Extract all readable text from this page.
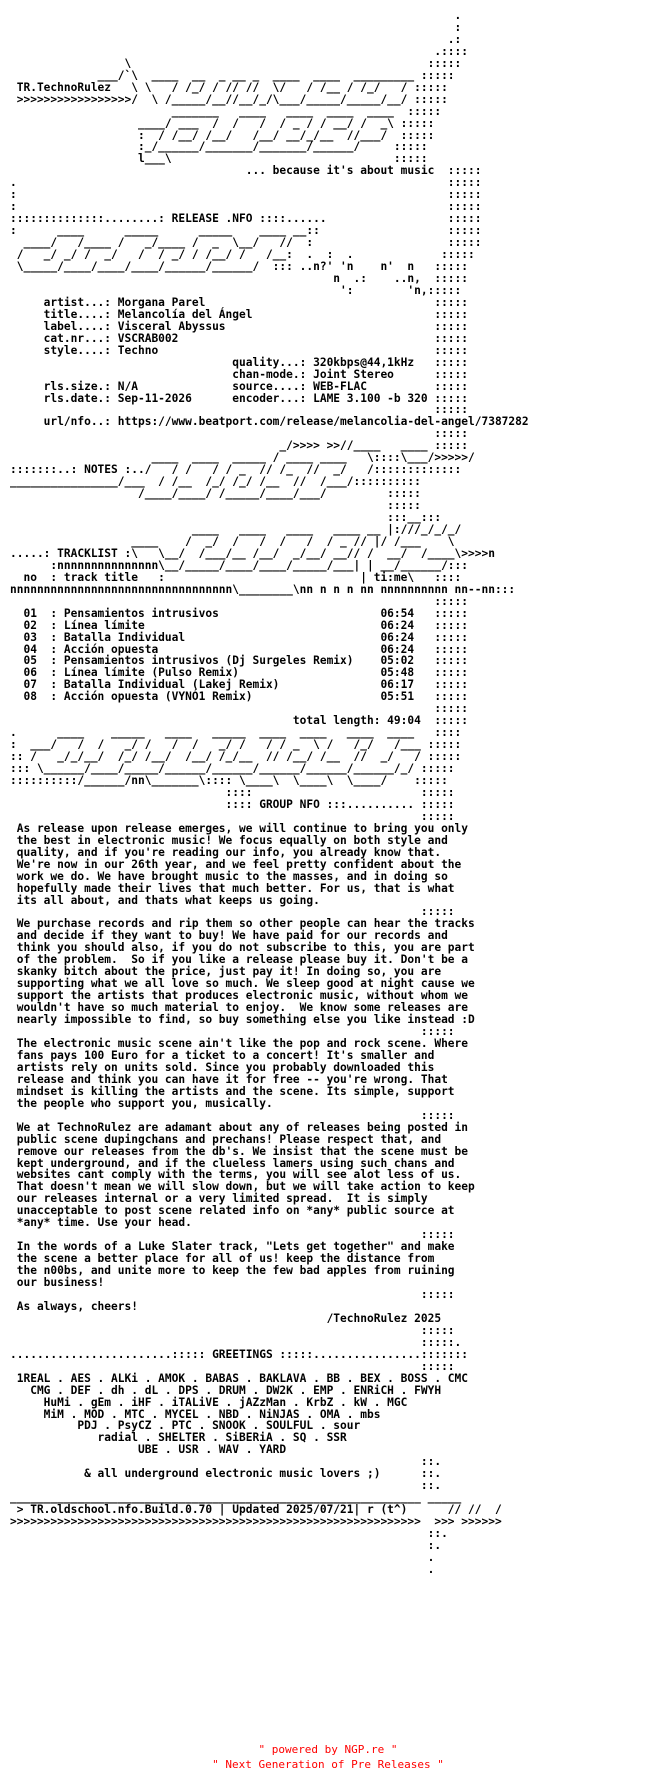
.
:
.:
.::::
\                                            :::::
___/`\  ____  __  _ __ _  ____  ____  _________ :::::
TR.TechnoRulez   \ \   / /_/ / // //  \/   / /__ / /_/   / :::::
>>>>>>>>>>>>>>>>>/  \ /_____/__//__/_/\___/_____/_____/__/ :::::
_______   ____   ____  ____  ____  :::::
____/ ___  /  /   /  / _ / / __/ /  _\ :::::
:  / /__/ /__/   /__/ __/_/__  //___/  :::::
:_/______/_______/_______/______/     :::::
l___\                                 :::::
... because it's about music  :::::
.                                                                :::::
:                                                                :::::
:                                                                :::::
::::::::::::::........: RELEASE .NFO ::::......                  :::::
:      ____      _____      _____    ____ __::                   :::::
____/   /____ /   _/____ /  _  \__/   //  :                    :::::
/   _/ _/ /  _/   /  / _/ / /__/ /   /__:  .  :  .             :::::
\_____/____/____/____/______/______/  ::: ..n?' 'n    n'  n   :::::
n  .:    ..n,  :::::
':        'n,:::::
artist...: Morgana Parel                                  :::::
title....: Melancolía del Ángel                           :::::
label....: Visceral Abyssus                               :::::
cat.nr...: VSCRAB002                                      :::::
style....: Techno                                         :::::
quality...: 320kbps@44,1kHz   :::::
chan-mode.: Joint Stereo      :::::
rls.size.: N/A              source....: WEB-FLAC          :::::
rls.date.: Sep-11-2026      encoder...: LAME 3.100 -b 320 :::::
:::::
url/nfo..: https://www.beatport.com/release/melancolia-del-angel/7387282
:::::
_/>>>> >>//____   ____ :::::
____  ____  _____ / ____ ____   \::::\___/>>>>>/
:::::::..: NOTES :../   / /   / / _  // /_  //  _/   /:::::::::::::
________________/___  / /__  /_/ /_/ /__  //  /___/::::::::::
/____/____/ /_____/____/___/         :::::
:::::
:::__:::
____   ____   ____   ____ __ |:///_/_/_/
____    /  _/  /   /  /   /  / _ // |/ /___    \
.....: TRACKLIST :\   \__/  /___/__ /__/  _/__/ __// /  __/  /____\>>>>n
:nnnnnnnnnnnnnnn\__/_____/____/____/_____/___| | __/______/:::
no  : track title   :                             | ti:me\   ::::
nnnnnnnnnnnnnnnnnnnnnnnnnnnnnnnnn\________\nn n n n nn nnnnnnnnnn nn--nn:::
:::::
01  : Pensamientos intrusivos                        06:54   :::::
02  : Línea límite                                   06:24   :::::
03  : Batalla Individual                             06:24   :::::
04  : Acción opuesta                                 06:24   :::::
05  : Pensamientos intrusivos (Dj Surgeles Remix)    05:02   :::::
06  : Línea límite (Pulso Remix)                     05:48   :::::
07  : Batalla Individual (Lakej Remix)               06:17   :::::
08  : Acción opuesta (VYNÓ1 Remix)                   05:51   :::::
:::::
total length: 49:04  :::::
.      ____    _____   ____   _____  ____  ____   ____  ____   ::::
:  ___/   /  /   _/ /   /  /   _/ /   / / _  \ /   /_/   /___ :::::
:: /   _/_/__/  /_/ /__/  /__/ /_/__  // /__/ /__  //  _/   / :::::
::: \______/____/_____/______/______/______/______/______/_/ :::::
::::::::::/______/nn\_______\:::: \____\  \____\  \____/    :::::
::::                         :::::
:::: GROUP NFO :::.......... :::::
:::::
As release upon release emerges, we will continue to bring you only
the best in electronic music! We focus equally on both style and
quality, and if you're reading our info, you already know that.
We're now in our 26th year, and we feel pretty confident about the
work we do. We have brought music to the masses, and in doing so
hopefully made their lives that much better. For us, that is what
its all about, and thats what keeps us going.
:::::
We purchase records and rip them so other people can hear the tracks
and decide if they want to buy! We have paid for our records and
think you should also, if you do not subscribe to this, you are part
of the problem.  So if you like a release please buy it. Don't be a
skanky bitch about the price, just pay it! In doing so, you are
supporting what we all love so much. We sleep good at night cause we
support the artists that produces electronic music, without whom we
wouldn't have so much material to enjoy.  We know some releases are
nearly impossible to find, so buy something else you like instead :D
:::::
The electronic music scene ain't like the pop and rock scene. Where
fans pays 100 Euro for a ticket to a concert! It's smaller and
artists rely on units sold. Since you probably downloaded this
release and think you can have it for free -- you're wrong. That
mindset is killing the artists and the scene. Its simple, support
the people who support you, musically.
:::::
We at TechnoRulez are adamant about any of releases being posted in
public scene dupingchans and prechans! Please respect that, and
remove our releases from the db's. We insist that the scene must be
kept underground, and if the clueless lamers using such chans and
websites cant comply with the terms, you will see alot less of us.
That doesn't mean we will slow down, but we will take action to keep
our releases internal or a very limited spread.  It is simply
unacceptable to post scene related info on *any* public source at
*any* time. Use your head.
:::::
In the words of a Luke Slater track, "Lets get together" and make
the scene a better place for all of us! keep the distance from
the n00bs, and unite more to keep the few bad apples from ruining
our business!
:::::
As always, cheers!
/TechnoRulez 2025
:::::
:::::.
........................::::: GREETINGS :::::................:::::::
:::::
1REAL . AES . ALKi . AMOK . BABAS . BAKLAVA . BB . BEX . BOSS . CMC
CMG . DEF . dh . dL . DPS . DRUM . DW2K . EMP . ENRiCH . FWYH
HuMi . gEm . iHF . iTALiVE . jAZzMan . KrbZ . kW . MGC
MiM . MOD . MTC . MYCEL . NBD . NiNJAS . OMA . mbs
PDJ . PsyCZ . PTC . SNOOK . SOULFUL . sour
radial . SHELTER . SiBERiA . SQ . SSR
UBE . USR . WAV . YARD
::.
& all underground electronic music lovers ;)      ::.
::.
_____________________________________________________________ _____
> TR.oldschool.nfo.Build.0.70 | Updated 2025/07/21| r (t^)      // //  /
>>>>>>>>>>>>>>>>>>>>>>>>>>>>>>>>>>>>>>>>>>>>>>>>>>>>>>>>>>>>>  >>> >>>>>>
::.
:.
.
.
" powered by NGP.re "
" Next Generation of Pre Releases "
